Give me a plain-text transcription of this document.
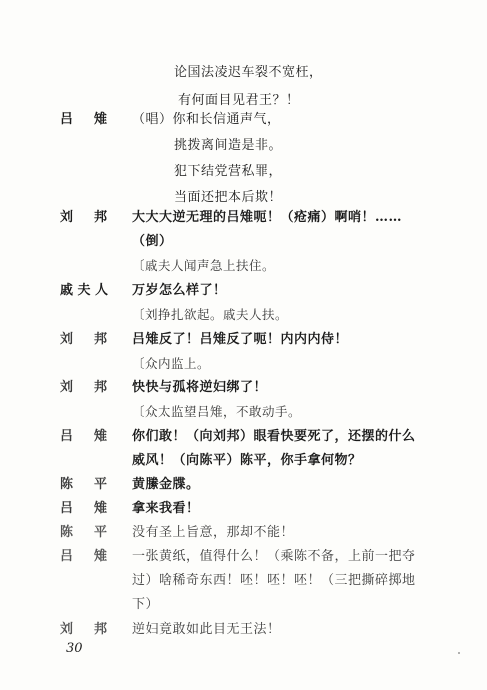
论国法凌迟车裂不宽枉，
有何面目见君王？！
吕 雉 （唱）你和长信通声气，
挑拨离间造是非。
犯下结党营私罪，
当面还把本后欺！
刘 邦 大大大逆无理的吕雉呃！（疮痛）啊哨！……
（倒）
〔戚夫人闻声急上扶住。
戚 夫 人 万岁怎么样了！
〔刘挣扎欲起。戚夫人扶。
刘 邦 吕雉反了！吕雉反了呃！内内内侍！
〔众内监上。
刘 邦 快快与孤将逆妇绑了！
〔众太监望吕雉，不敢动手。
吕 雉 你们敢！（向刘邦）眼看快要死了，还摆的什么
威风！（向陈平）陈平，你手拿何物？
陈 平 黄縢金牒。
吕 雉 拿来我看！
陈 平 没有圣上旨意，那却不能！
吕 雉 一张黄纸，值得什么！（乘陈不备，上前一把夺
过）啥稀奇东西！呸！呸！呸！（三把撕碎掷地
下）
刘 邦 逆妇竟敢如此目无王法！
30
